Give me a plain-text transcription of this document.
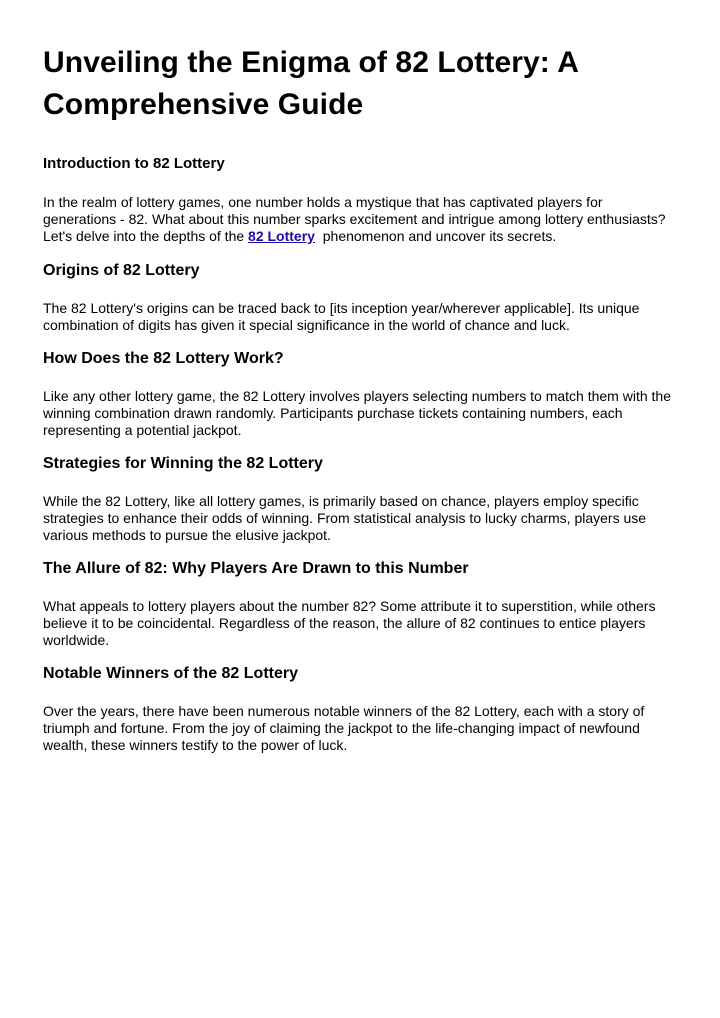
Unveiling the Enigma of 82 Lottery: A Comprehensive Guide
Introduction to 82 Lottery

In the realm of lottery games, one number holds a mystique that has captivated players for generations - 82. What about this number sparks excitement and intrigue among lottery enthusiasts? Let's delve into the depths of the 82 Lottery  phenomenon and uncover its secrets.

Origins of 82 Lottery

The 82 Lottery's origins can be traced back to [its inception year/wherever applicable]. Its unique combination of digits has given it special significance in the world of chance and luck.

How Does the 82 Lottery Work?

Like any other lottery game, the 82 Lottery involves players selecting numbers to match them with the winning combination drawn randomly. Participants purchase tickets containing numbers, each representing a potential jackpot.

Strategies for Winning the 82 Lottery

While the 82 Lottery, like all lottery games, is primarily based on chance, players employ specific strategies to enhance their odds of winning. From statistical analysis to lucky charms, players use various methods to pursue the elusive jackpot.

The Allure of 82: Why Players Are Drawn to this Number

What appeals to lottery players about the number 82? Some attribute it to superstition, while others believe it to be coincidental. Regardless of the reason, the allure of 82 continues to entice players worldwide.

Notable Winners of the 82 Lottery

Over the years, there have been numerous notable winners of the 82 Lottery, each with a story of triumph and fortune. From the joy of claiming the jackpot to the life-changing impact of newfound wealth, these winners testify to the power of luck.
